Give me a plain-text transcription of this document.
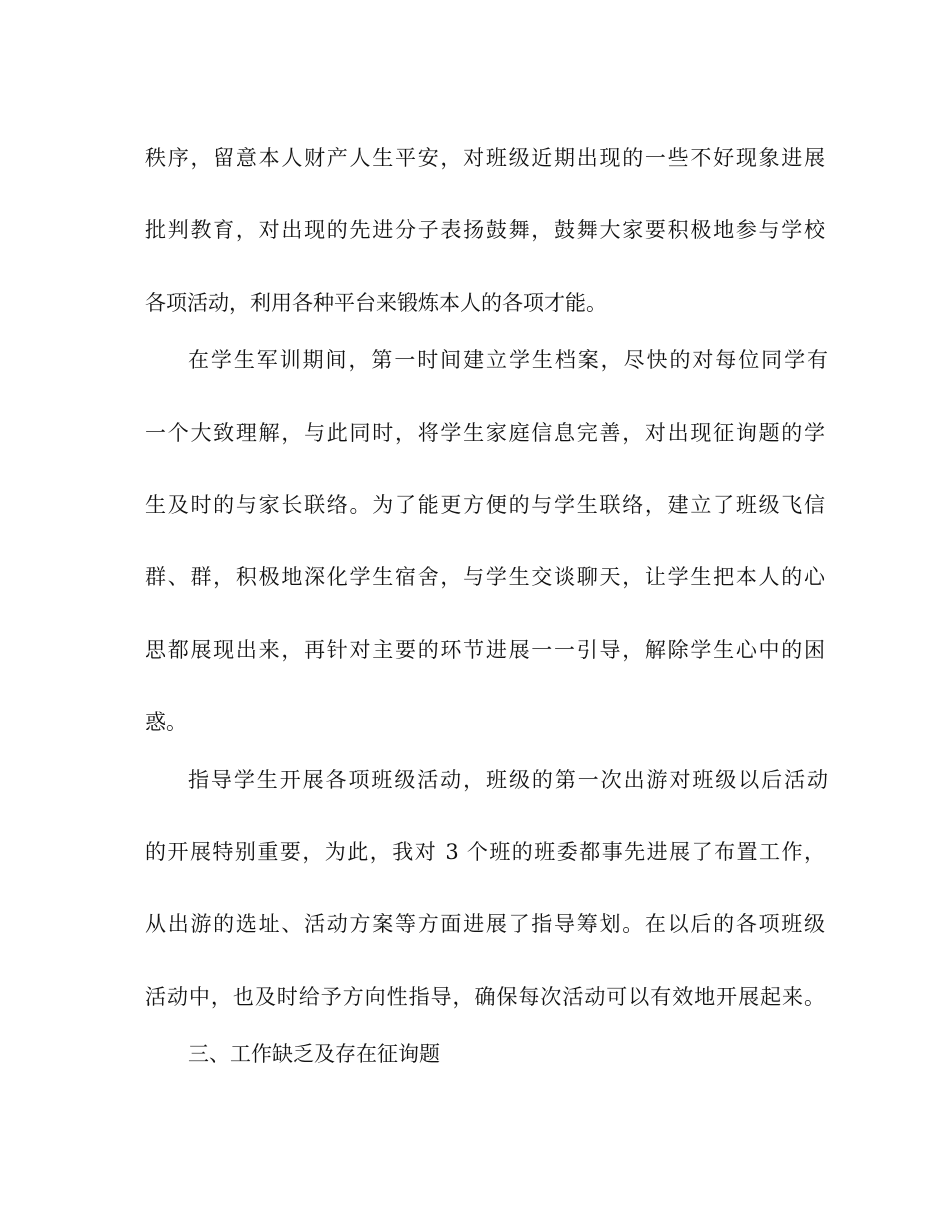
秩序，留意本人财产人生平安，对班级近期出现的一些不好现象进展

批判教育，对出现的先进分子表扬鼓舞，鼓舞大家要积极地参与学校

各项活动，利用各种平台来锻炼本人的各项才能。

在学生军训期间，第一时间建立学生档案，尽快的对每位同学有

一个大致理解，与此同时，将学生家庭信息完善，对出现征询题的学

生及时的与家长联络。为了能更方便的与学生联络，建立了班级飞信

群、群，积极地深化学生宿舍，与学生交谈聊天，让学生把本人的心

思都展现出来，再针对主要的环节进展一一引导，解除学生心中的困

惑。

指导学生开展各项班级活动，班级的第一次出游对班级以后活动

的开展特别重要，为此，我对 3 个班的班委都事先进展了布置工作，

从出游的选址、活动方案等方面进展了指导筹划。在以后的各项班级

活动中，也及时给予方向性指导，确保每次活动可以有效地开展起来。

三、工作缺乏及存在征询题
